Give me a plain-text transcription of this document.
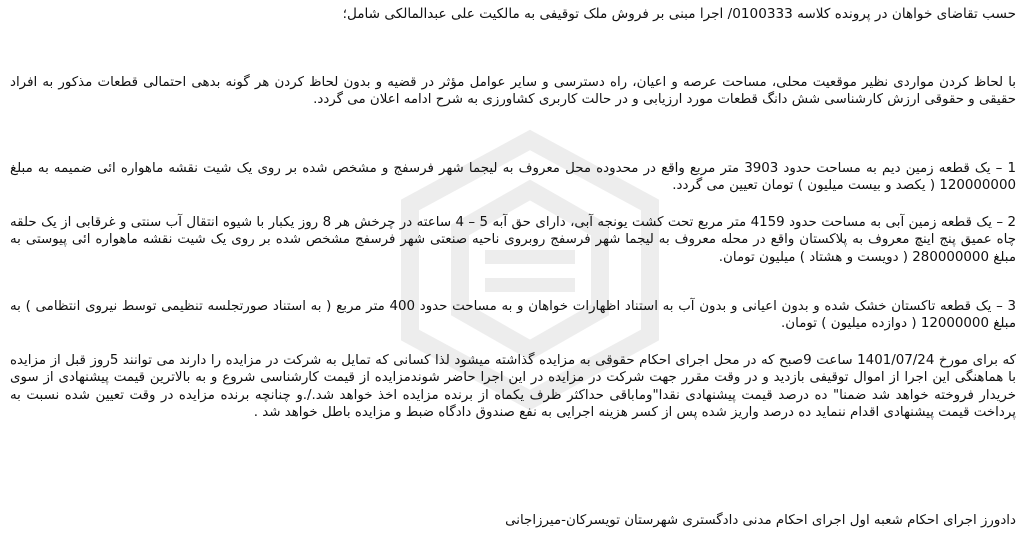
حسب تقاضای خواهان در پرونده کلاسه 0100333/ اجرا مبنی بر فروش ملک توقیفی به مالکیت علی عبدالمالکی شامل؛
با لحاظ کردن مواردی نظیر موقعیت محلی، مساحت عرصه و اعیان، راه دسترسی و سایر عوامل مؤثر در قضیه و بدون لحاظ کردن هر گونه بدهی احتمالی قطعات مذکور به افراد حقیقی و حقوقی ارزش کارشناسی شش دانگ قطعات مورد ارزیابی و در حالت کاربری کشاورزی به شرح ادامه اعلان می گردد.
1 – یک قطعه زمین دیم به مساحت حدود 3903 متر مربع واقع در محدوده محل معروف به لیجما شهر فرسفج و مشخص شده بر روی یک شیت نقشه ماهواره ائی ضمیمه به مبلغ 120000000 ( یکصد و بیست میلیون ) تومان تعیین می گردد.
2 – یک قطعه زمین آبی به مساحت حدود 4159 متر مربع تحت کشت یونجه آبی، دارای حق آبه 5 – 4 ساعته در چرخش هر 8 روز یکبار با شیوه انتقال آب سنتی و غرقابی از یک حلقه چاه عمیق پنج اینچ معروف به پلاکستان واقع در محله معروف به لیجما شهر فرسفج روبروی ناحیه صنعتی شهر فرسفج مشخص شده بر روی یک شیت نقشه ماهواره ائی پیوستی به مبلغ 280000000 ( دویست و هشتاد ) میلیون تومان.
3 – یک قطعه تاکستان خشک شده و بدون اعیانی و بدون آب به استناد اظهارات خواهان و به مساحت حدود 400 متر مربع ( به استناد صورتجلسه تنظیمی توسط نیروی انتظامی ) به مبلغ 12000000 ( دوازده میلیون ) تومان.
که برای مورخ 1401/07/24 ساعت 9صبح که در محل اجرای احکام حقوقی به مزایده گذاشته میشود لذا کسانی که تمایل به شرکت در مزایده را دارند می توانند 5روز قبل از مزایده با هماهنگی این اجرا از اموال توقیفی بازدید و در وقت مقرر جهت شرکت در مزایده در این اجرا حاضر شوندمزایده از قیمت کارشناسی شروع و به بالاترین قیمت پیشنهادی از سوی خریدار فروخته خواهد شد ضمنا" ده درصد قیمت پیشنهادی نقدا"وماباقی حداکثر ظرف یکماه از برنده مزایده اخذ خواهد شد./.و چنانچه برنده مزایده در وقت تعیین شده نسبت به پرداخت قیمت پیشنهادی اقدام ننماید ده درصد واریز شده پس از کسر هزینه اجرایی به نفع صندوق دادگاه ضبط و مزایده باطل خواهد شد .
دادورز اجرای احکام شعبه اول اجرای احکام مدنی دادگستری شهرستان تویسرکان-میرزاجانی
